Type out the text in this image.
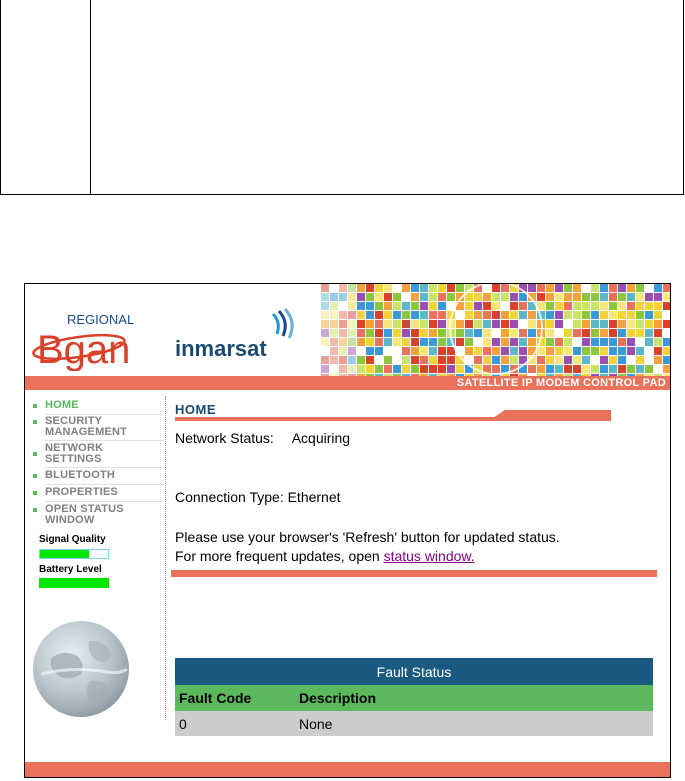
REGIONAL
Bgan inmarsat
SATELLITE IP MODEM CONTROL PAD
HOME
SECURITY MANAGEMENT
NETWORK SETTINGS
BLUETOOTH
PROPERTIES
OPEN STATUS WINDOW
Signal Quality
Battery Level
HOME
Network Status: Acquiring
Connection Type: Ethernet
Please use your browser's 'Refresh' button for updated status.
For more frequent updates, open status window.
Fault Status	
Fault Code	Description
0	None
